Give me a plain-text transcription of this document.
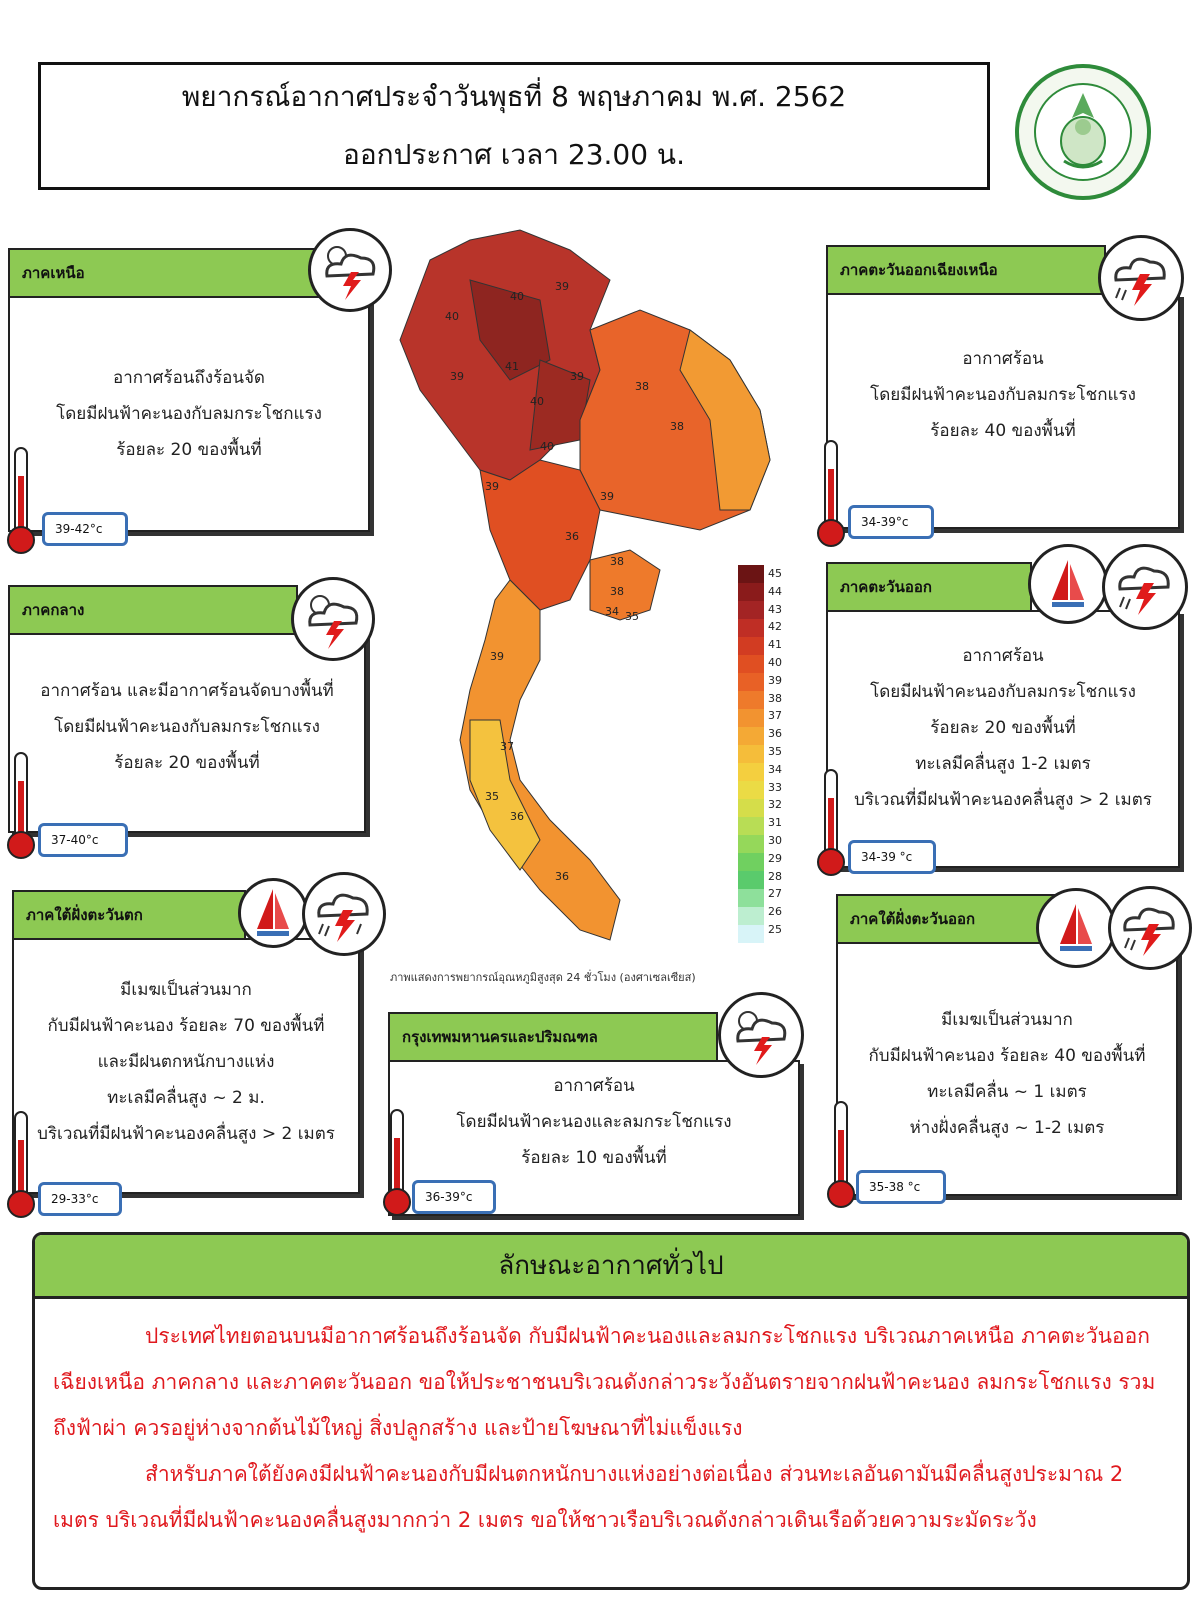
พยากรณ์อากาศประจำวันพุธที่ 8 พฤษภาคม พ.ศ. 2562
ออกประกาศ เวลา 23.00 น.
ภาคเหนือ
อากาศร้อนถึงร้อนจัด
โดยมีฝนฟ้าคะนองกับลมกระโชกแรง
ร้อยละ 20 ของพื้นที่
39-42°c
ภาคกลาง
อากาศร้อน และมีอากาศร้อนจัดบางพื้นที่
โดยมีฝนฟ้าคะนองกับลมกระโชกแรง
ร้อยละ 20 ของพื้นที่
37-40°c
ภาคใต้ฝั่งตะวันตก
มีเมฆเป็นส่วนมาก
กับมีฝนฟ้าคะนอง ร้อยละ 70 ของพื้นที่
และมีฝนตกหนักบางแห่ง
ทะเลมีคลื่นสูง ~ 2 ม.
บริเวณที่มีฝนฟ้าคะนองคลื่นสูง > 2 เมตร
29-33°c
กรุงเทพมหานครและปริมณฑล
อากาศร้อน
โดยมีฝนฟ้าคะนองและลมกระโชกแรง
ร้อยละ 10 ของพื้นที่
36-39°c
ภาคตะวันออกเฉียงเหนือ
อากาศร้อน
โดยมีฝนฟ้าคะนองกับลมกระโชกแรง
ร้อยละ 40 ของพื้นที่
34-39°c
ภาคตะวันออก
อากาศร้อน
โดยมีฝนฟ้าคะนองกับลมกระโชกแรง
ร้อยละ 20 ของพื้นที่
ทะเลมีคลื่นสูง 1-2 เมตร
บริเวณที่มีฝนฟ้าคะนองคลื่นสูง > 2 เมตร
34-39 °c
ภาคใต้ฝั่งตะวันออก
มีเมฆเป็นส่วนมาก
กับมีฝนฟ้าคะนอง ร้อยละ 40 ของพื้นที่
ทะเลมีคลื่น ~ 1 เมตร
ห่างฝั่งคลื่นสูง ~ 1-2 เมตร
35-38 °c
39
40
40
39
41
39
40
38
40
39
38
39
36
38
38
35
34
35
36
36
39
37
45
44
43
42
41
40
39
38
37
36
35
34
33
32
31
30
29
28
27
26
25
ภาพแสดงการพยากรณ์อุณหภูมิสูงสุด 24 ชั่วโมง (องศาเซลเซียส)
ลักษณะอากาศทั่วไป

ประเทศไทยตอนบนมีอากาศร้อนถึงร้อนจัด กับมีฝนฟ้าคะนองและลมกระโชกแรง บริเวณภาคเหนือ ภาคตะวันออกเฉียงเหนือ ภาคกลาง และภาคตะวันออก ขอให้ประชาชนบริเวณดังกล่าวระวังอันตรายจากฝนฟ้าคะนอง ลมกระโชกแรง รวมถึงฟ้าผ่า ควรอยู่ห่างจากต้นไม้ใหญ่ สิ่งปลูกสร้าง และป้ายโฆษณาที่ไม่แข็งแรง

สำหรับภาคใต้ยังคงมีฝนฟ้าคะนองกับมีฝนตกหนักบางแห่งอย่างต่อเนื่อง ส่วนทะเลอันดามันมีคลื่นสูงประมาณ 2 เมตร บริเวณที่มีฝนฟ้าคะนองคลื่นสูงมากกว่า 2 เมตร ขอให้ชาวเรือบริเวณดังกล่าวเดินเรือด้วยความระมัดระวัง
